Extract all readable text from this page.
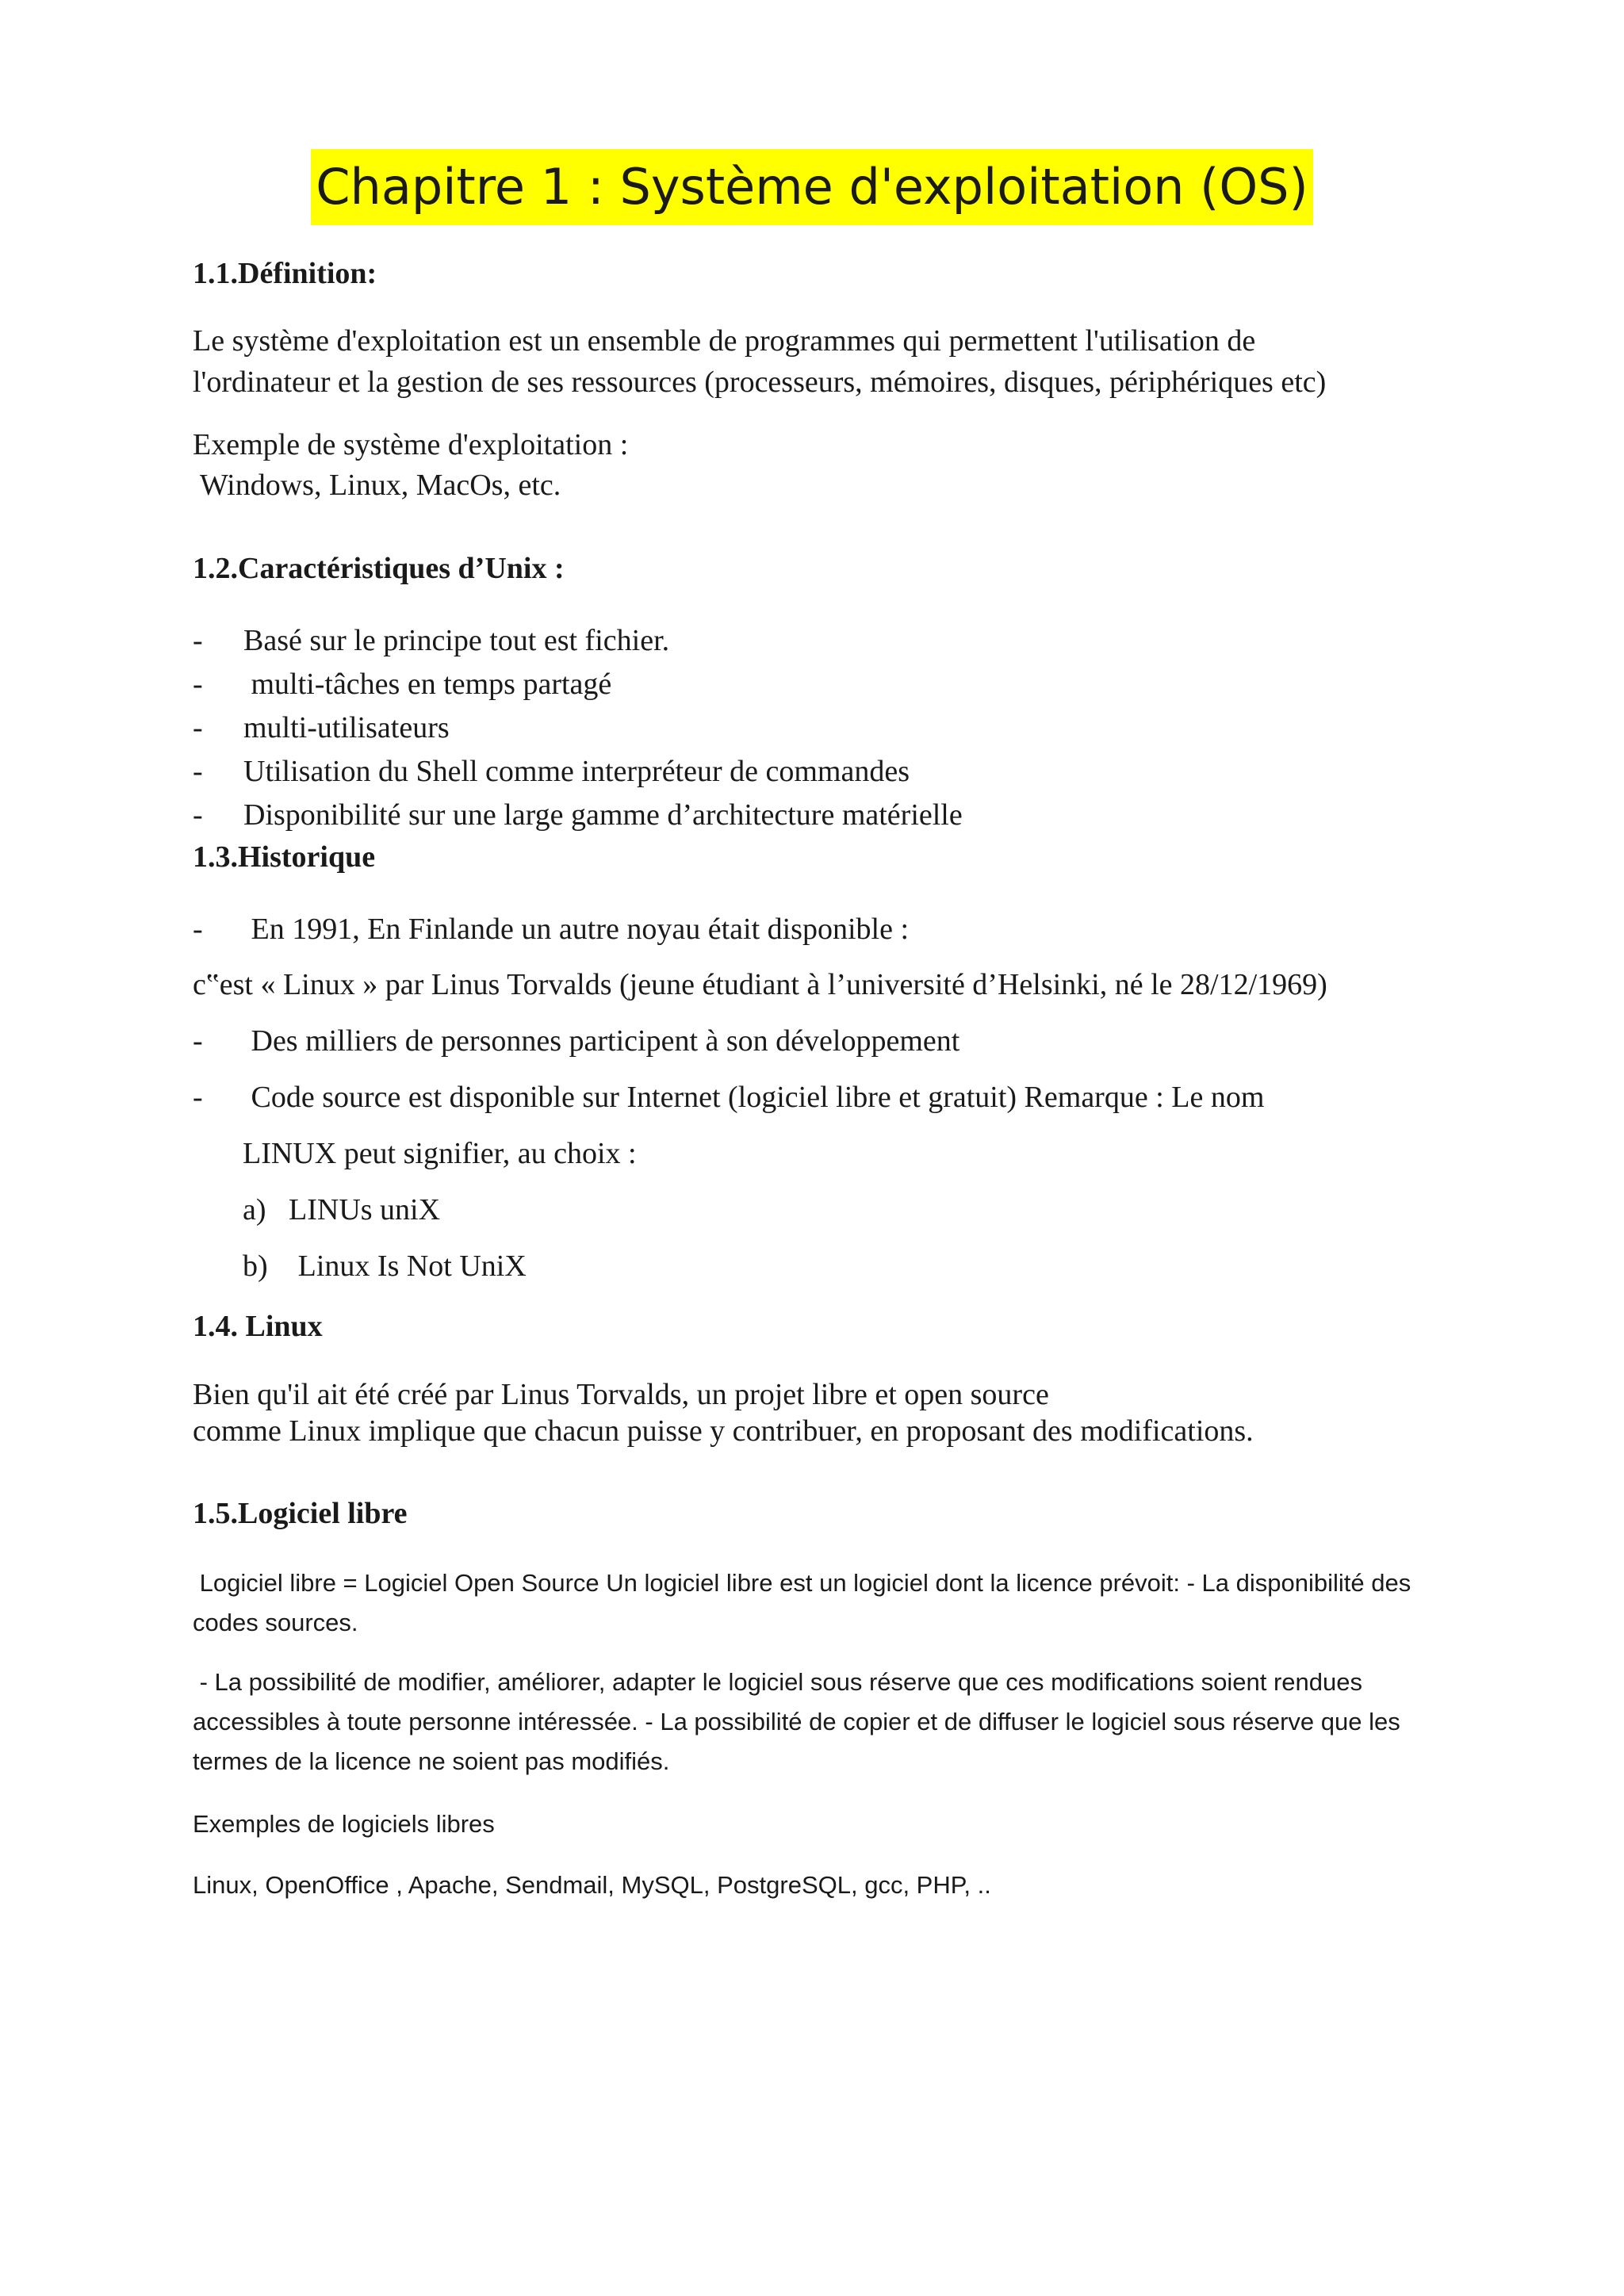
Chapitre 1 : Système d'exploitation (OS)
1.1.Définition:
Le système d'exploitation est un ensemble de programmes qui permettent l'utilisation de
l'ordinateur et la gestion de ses ressources (processeurs, mémoires, disques, périphériques etc)
Exemple de système d'exploitation :
Windows, Linux, MacOs, etc.
1.2.Caractéristiques d’Unix :
- Basé sur le principe tout est fichier.
- multi-tâches en temps partagé
- multi-utilisateurs
- Utilisation du Shell comme interpréteur de commandes
- Disponibilité sur une large gamme d’architecture matérielle
1.3.Historique
- En 1991, En Finlande un autre noyau était disponible :
c‟est « Linux » par Linus Torvalds (jeune étudiant à l’université d’Helsinki, né le 28/12/1969)
- Des milliers de personnes participent à son développement
- Code source est disponible sur Internet (logiciel libre et gratuit) Remarque : Le nom
LINUX peut signifier, au choix :
a)   LINUs uniX
b)    Linux Is Not UniX
1.4. Linux
Bien qu'il ait été créé par Linus Torvalds, un projet libre et open source
comme Linux implique que chacun puisse y contribuer, en proposant des modifications.
1.5.Logiciel libre
Logiciel libre = Logiciel Open Source Un logiciel libre est un logiciel dont la licence prévoit: - La disponibilité des codes sources.
- La possibilité de modifier, améliorer, adapter le logiciel sous réserve que ces modifications soient rendues accessibles à toute personne intéressée. - La possibilité de copier et de diffuser le logiciel sous réserve que les termes de la licence ne soient pas modifiés.
Exemples de logiciels libres
Linux, OpenOffice , Apache, Sendmail, MySQL, PostgreSQL, gcc, PHP, ..
